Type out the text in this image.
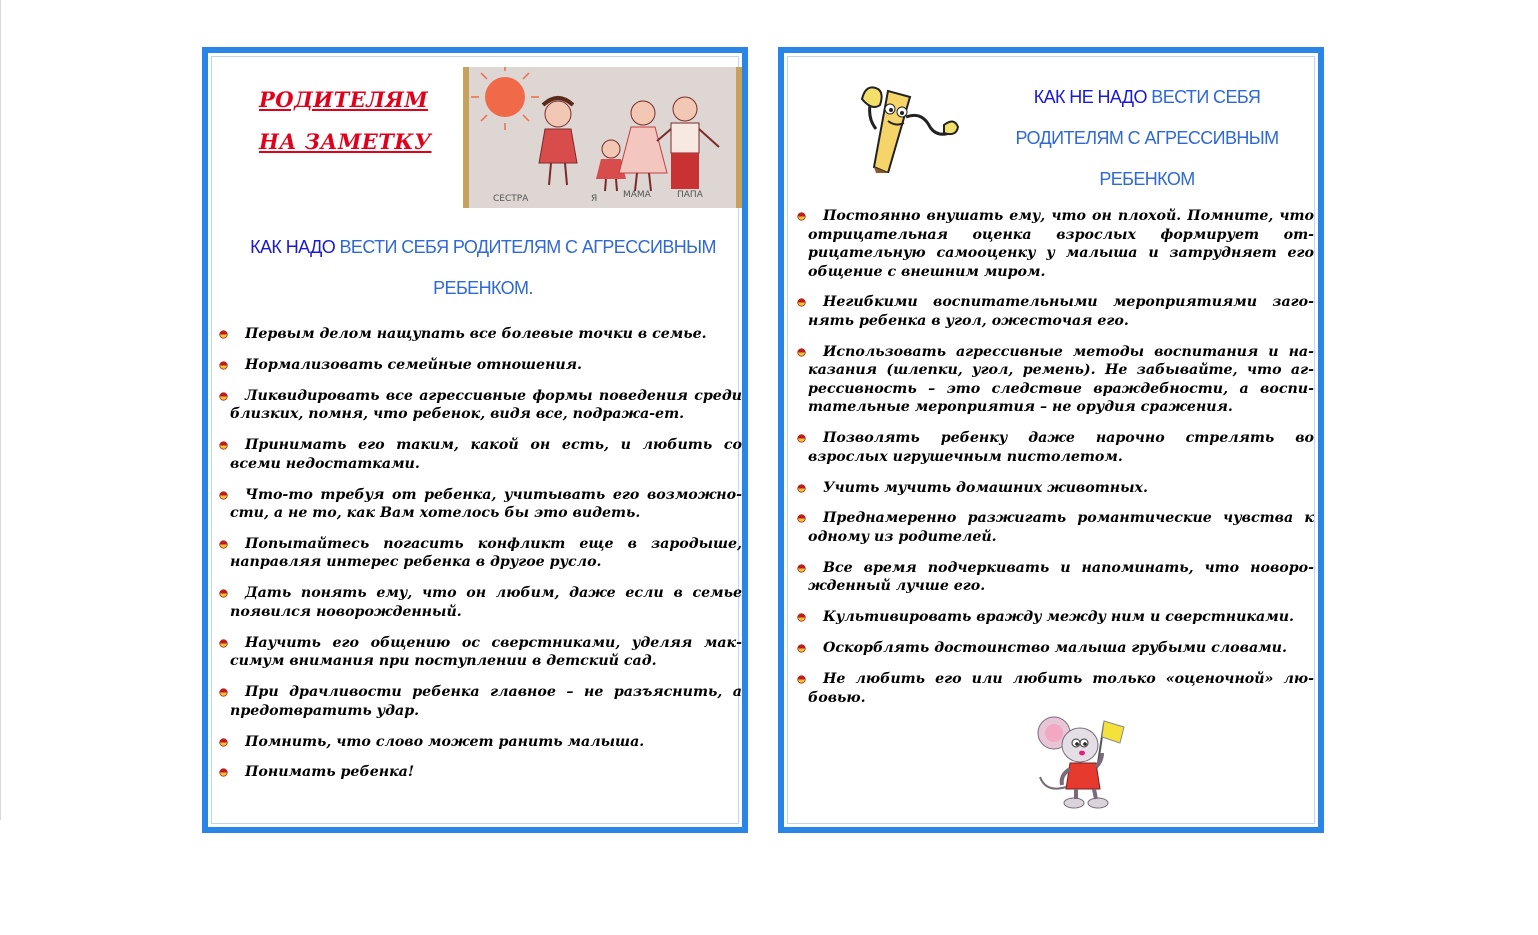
РОДИТЕЛЯМ
НА ЗАМЕТКУ
СЕСТРА	Я	МАМА	ПАПА
КАК НАДО ВЕСТИ СЕБЯ РОДИТЕЛЯМ С АГРЕССИВНЫМ
РЕБЕНКОМ.
Первым делом нащупать все болевые точки в семье.
Нормализовать семейные отношения.
Ликвидировать все агрессивные формы поведения среди близких, помня, что ребенок, видя все, подража-ет.
Принимать его таким, какой он есть, и любить со всеми недостатками.
Что-то требуя от ребенка, учитывать его возможно-сти, а не то, как Вам хотелось бы это видеть.
Попытайтесь погасить конфликт еще в зародыше, направляя интерес ребенка в другое русло.
Дать понять ему, что он любим, даже если в семье появился новорожденный.
Научить его общению ос сверстниками, уделяя мак-симум внимания при поступлении в детский сад.
При драчливости ребенка главное – не разъяснить, а предотвратить удар.
Помнить, что слово может ранить малыша.
Понимать ребенка!
КАК НЕ НАДО ВЕСТИ СЕБЯ
РОДИТЕЛЯМ С АГРЕССИВНЫМ
РЕБЕНКОМ
Постоянно внушать ему, что он плохой. Помните, что отрицательная оценка взрослых формирует от-рицательную самооценку у малыша и затрудняет его общение с внешним миром.
Негибкими воспитательными мероприятиями заго-нять ребенка в угол, ожесточая его.
Использовать агрессивные методы воспитания и на-казания (шлепки, угол, ремень). Не забывайте, что аг-рессивность – это следствие враждебности, а воспи-тательные мероприятия – не орудия сражения.
Позволять ребенку даже нарочно стрелять во взрослых игрушечным пистолетом.
Учить мучить домашних животных.
Преднамеренно разжигать романтические чувства к одному из родителей.
Все время подчеркивать и напоминать, что новоро-жденный лучше его.
Культивировать вражду между ним и сверстниками.
Оскорблять достоинство малыша грубыми словами.
Не любить его или любить только «оценочной» лю-бовью.
